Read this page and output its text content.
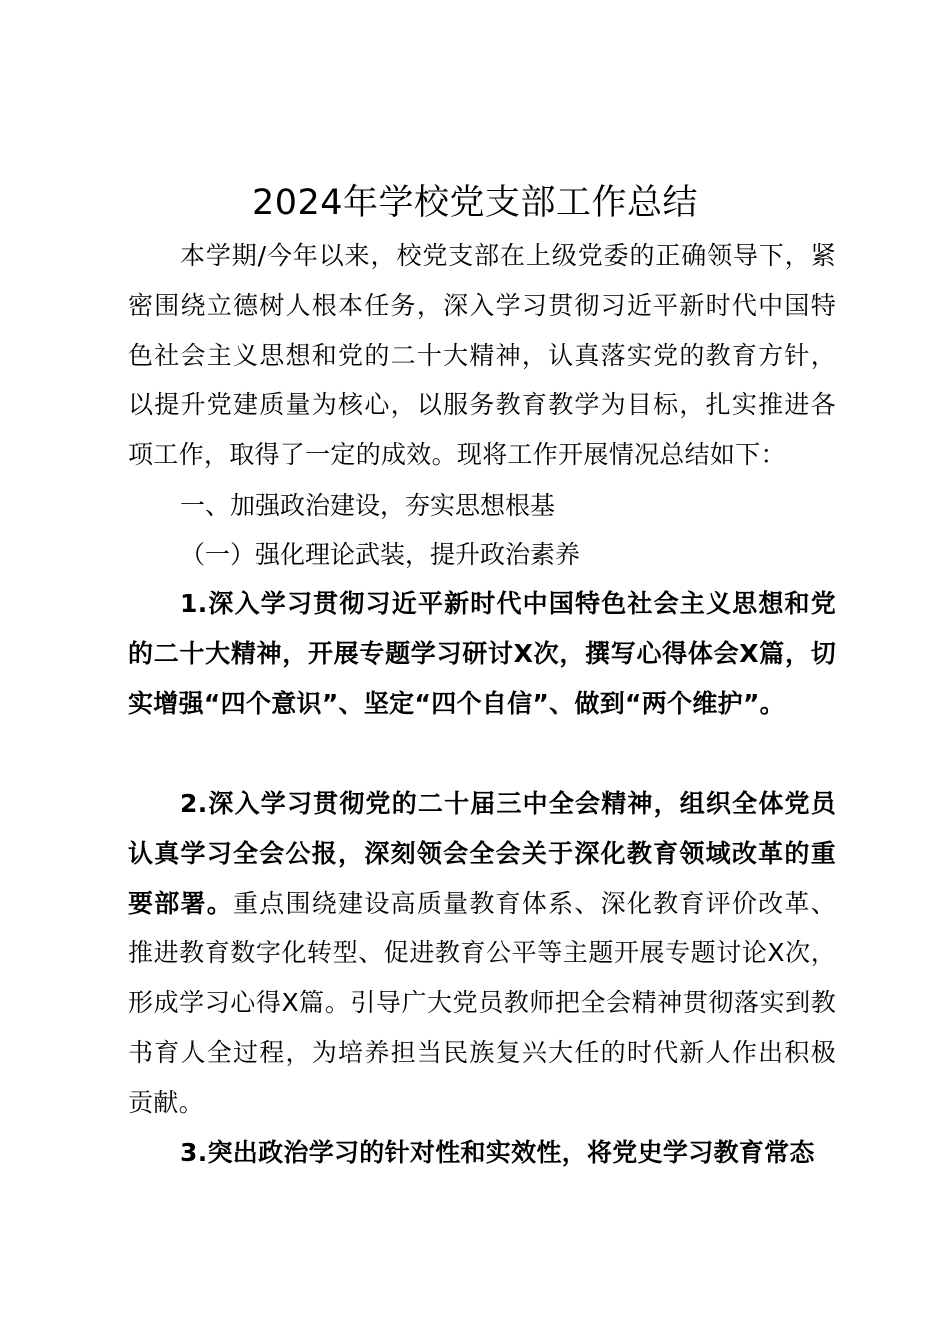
2024年学校党支部工作总结

本学期/今年以来，校党支部在上级党委的正确领导下，紧密围绕立德树人根本任务，深入学习贯彻习近平新时代中国特色社会主义思想和党的二十大精神，认真落实党的教育方针，以提升党建质量为核心，以服务教育教学为目标，扎实推进各项工作，取得了一定的成效。现将工作开展情况总结如下：

一、加强政治建设，夯实思想根基

（一）强化理论武装，提升政治素养

1.深入学习贯彻习近平新时代中国特色社会主义思想和党的二十大精神，开展专题学习研讨X次，撰写心得体会X篇，切实增强“四个意识”、坚定“四个自信”、做到“两个维护”。

2.深入学习贯彻党的二十届三中全会精神，组织全体党员认真学习全会公报，深刻领会全会关于深化教育领域改革的重要部署。重点围绕建设高质量教育体系、深化教育评价改革、推进教育数字化转型、促进教育公平等主题开展专题讨论X次，形成学习心得X篇。引导广大党员教师把全会精神贯彻落实到教书育人全过程，为培养担当民族复兴大任的时代新人作出积极贡献。

3.突出政治学习的针对性和实效性，将党史学习教育常态
